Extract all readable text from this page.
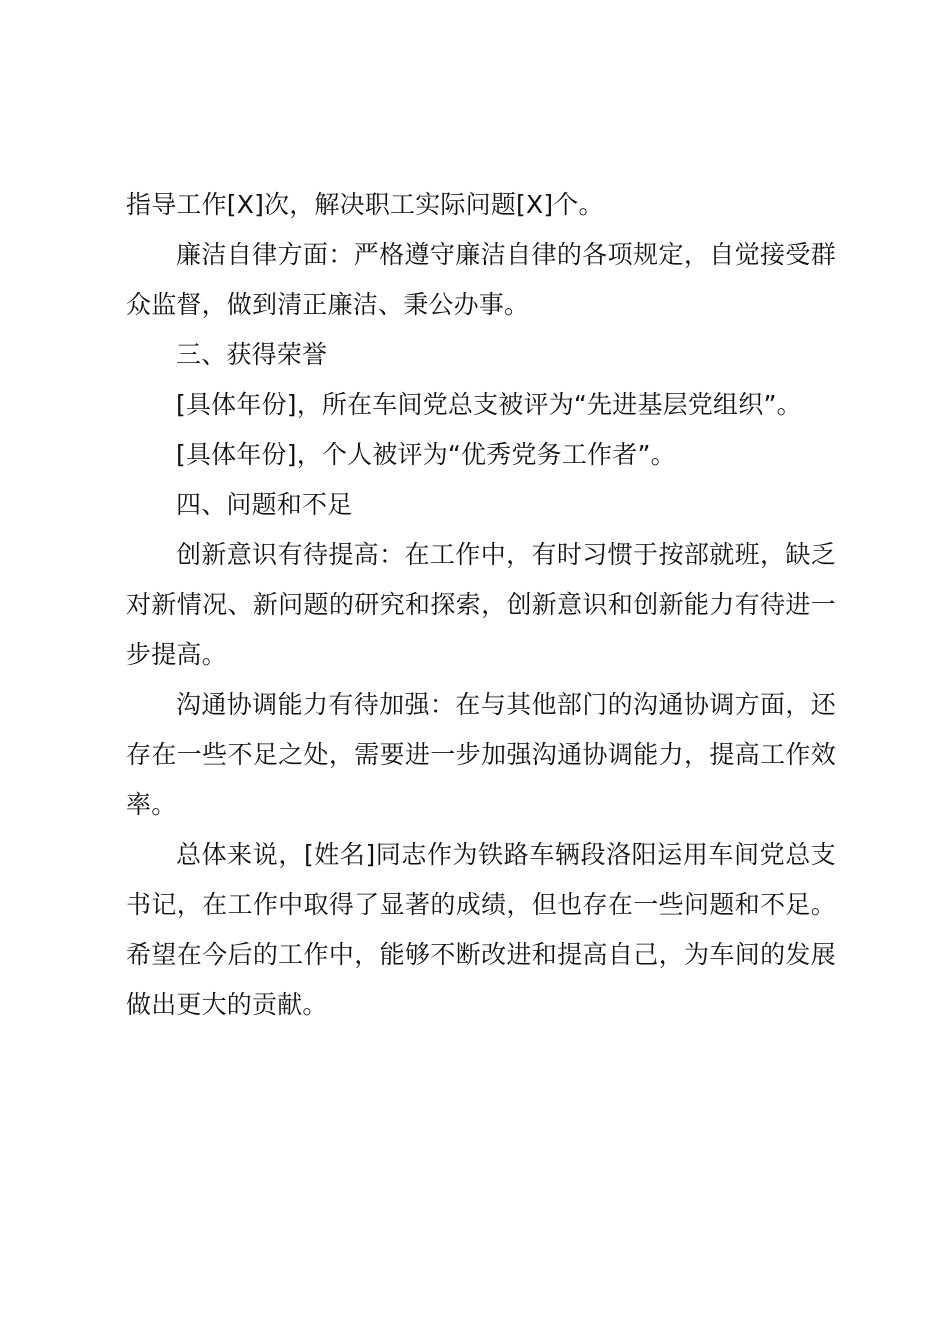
指导工作[X]次，解决职工实际问题[X]个。

廉洁自律方面：严格遵守廉洁自律的各项规定，自觉接受群众监督，做到清正廉洁、秉公办事。

三、获得荣誉

[具体年份]，所在车间党总支被评为“先进基层党组织”。

[具体年份]，个人被评为“优秀党务工作者”。

四、问题和不足

创新意识有待提高：在工作中，有时习惯于按部就班，缺乏对新情况、新问题的研究和探索，创新意识和创新能力有待进一步提高。

沟通协调能力有待加强：在与其他部门的沟通协调方面，还存在一些不足之处，需要进一步加强沟通协调能力，提高工作效率。

总体来说，[姓名]同志作为铁路车辆段洛阳运用车间党总支书记，在工作中取得了显著的成绩，但也存在一些问题和不足。希望在今后的工作中，能够不断改进和提高自己，为车间的发展做出更大的贡献。
